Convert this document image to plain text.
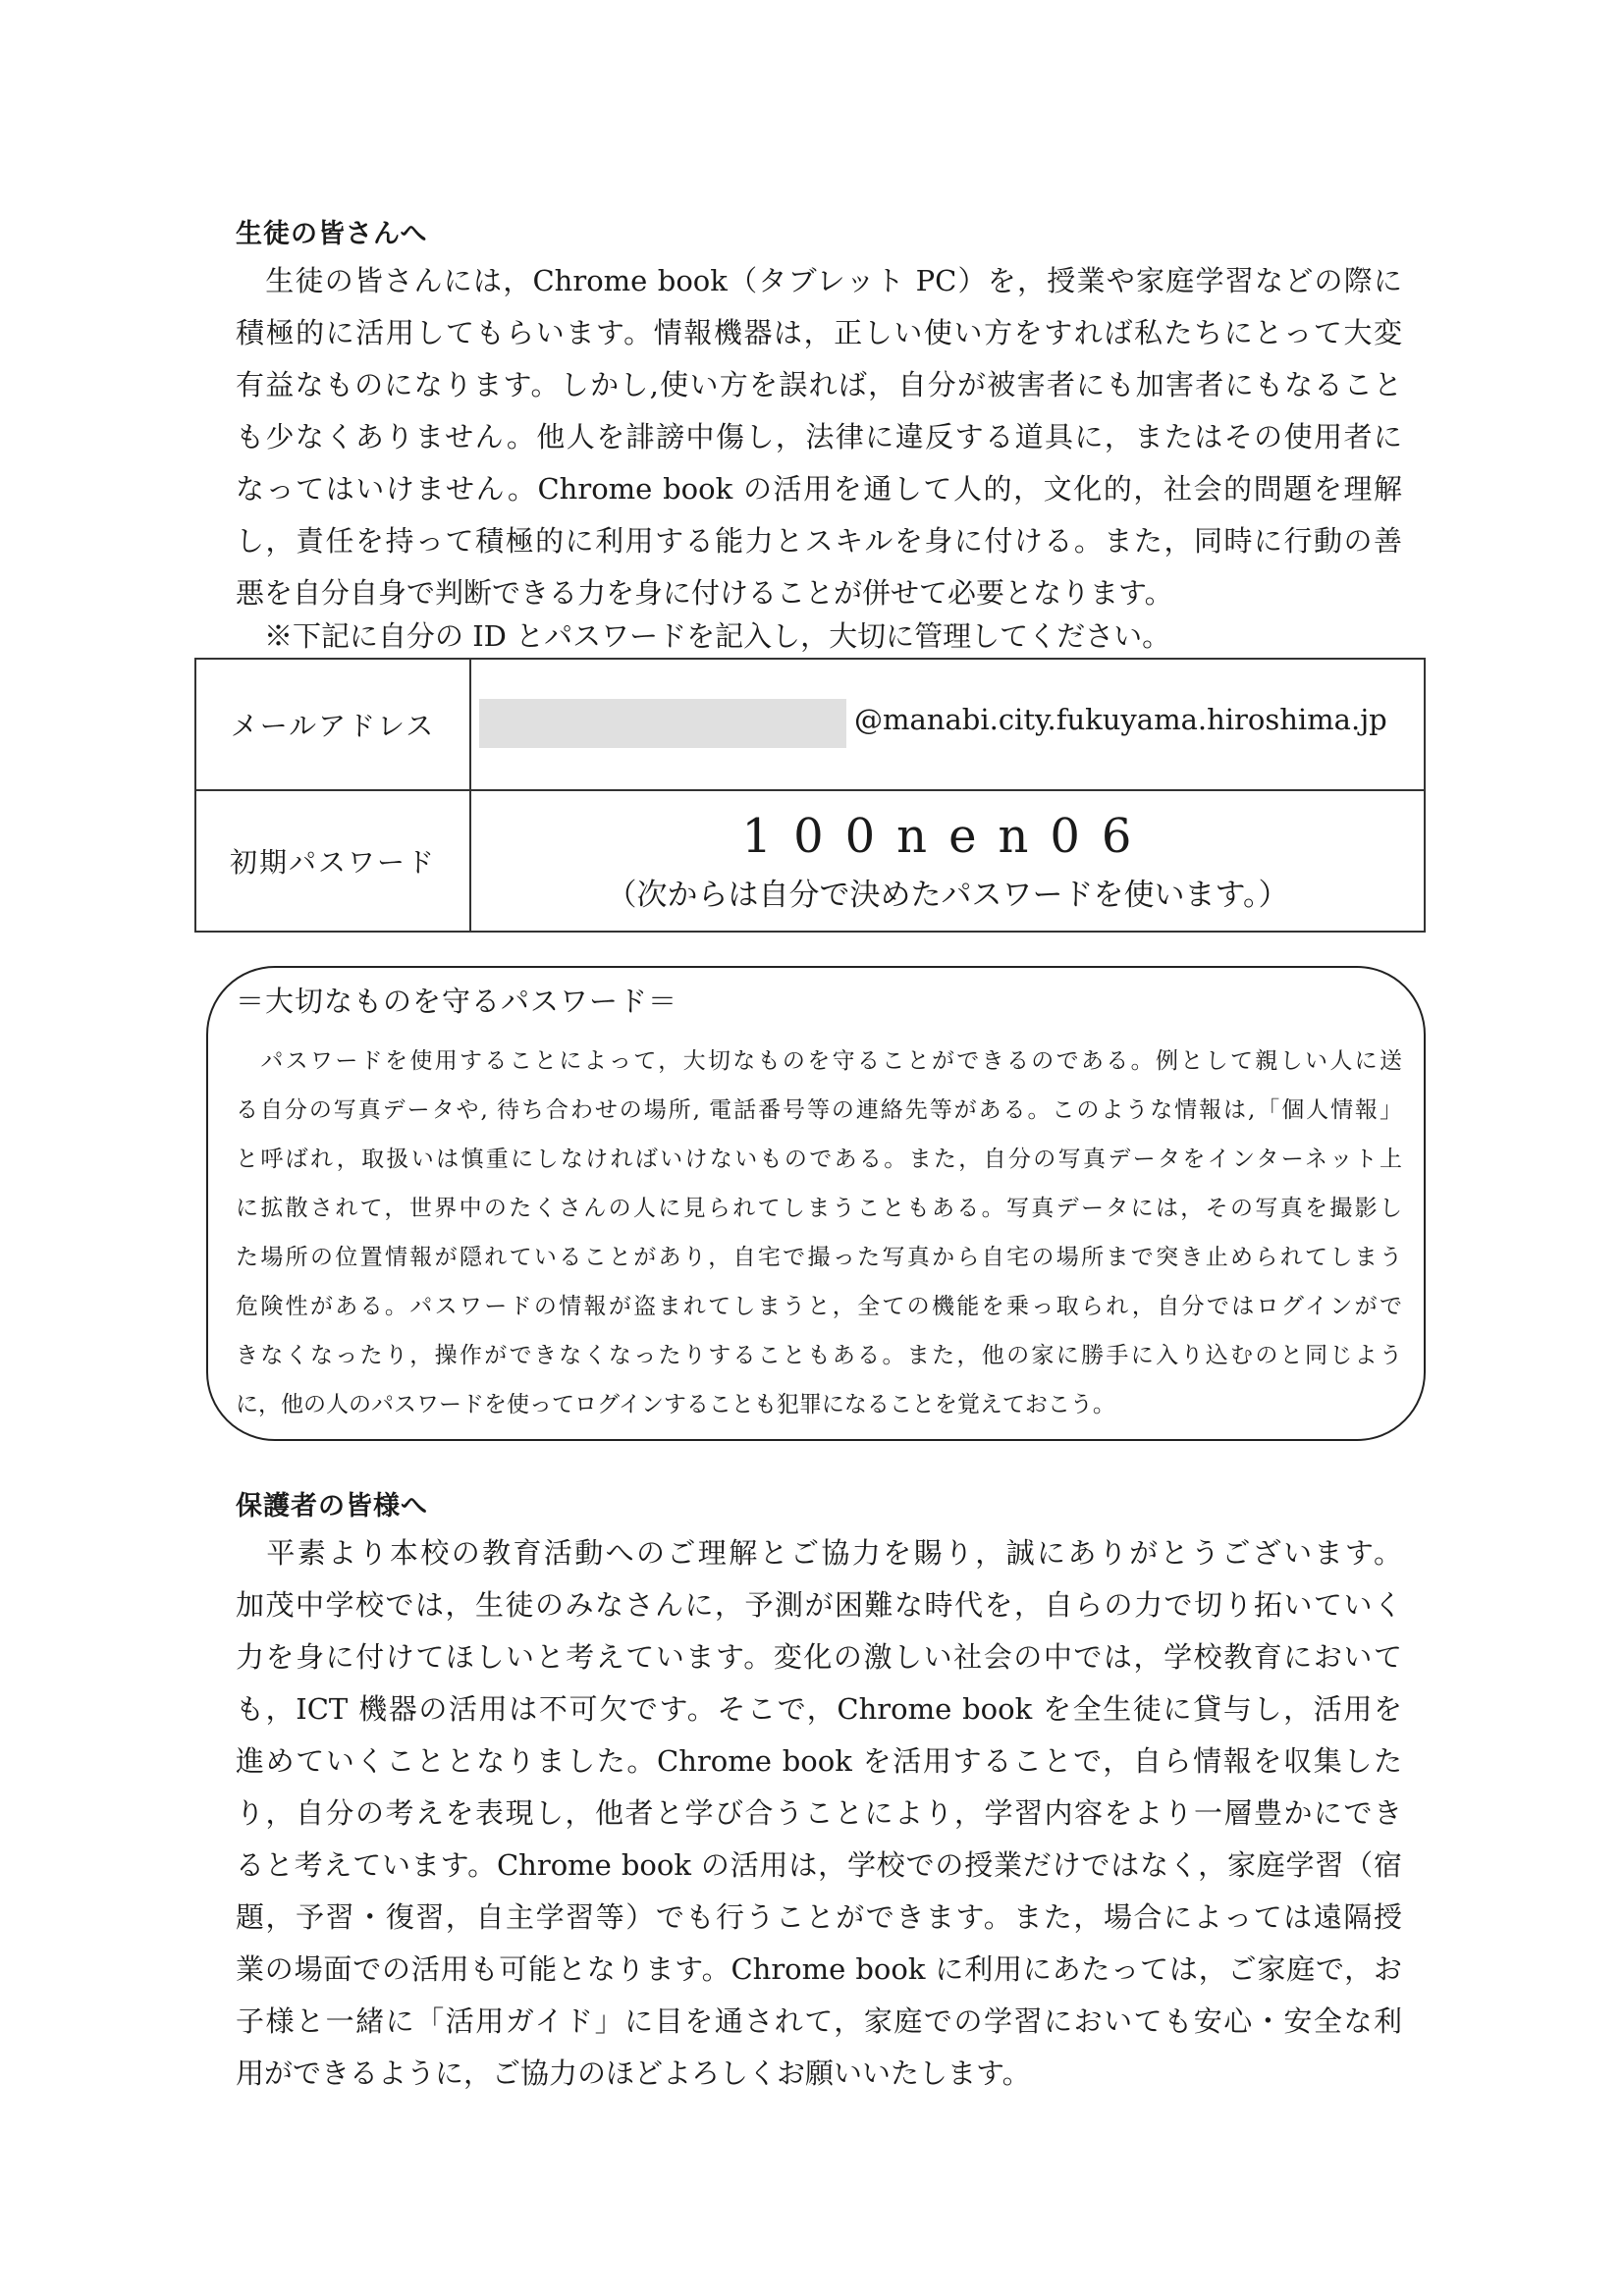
生徒の皆さんへ
　生徒の皆さんには，Chrome book（タブレット PC）を，授業や家庭学習などの際に
積極的に活用してもらいます。情報機器は，正しい使い方をすれば私たちにとって大変
有益なものになります。しかし,使い方を誤れば，自分が被害者にも加害者にもなること
も少なくありません。他人を誹謗中傷し，法律に違反する道具に，またはその使用者に
なってはいけません。Chrome book の活用を通して人的，文化的，社会的問題を理解
し，責任を持って積極的に利用する能力とスキルを身に付ける。また，同時に行動の善
悪を自分自身で判断できる力を身に付けることが併せて必要となります。
　※下記に自分の ID とパスワードを記入し，大切に管理してください。
メールアドレス	@manabi.city.fukuyama.hiroshima.jp

初期パスワード	100nen06
（次からは自分で決めたパスワードを使います。）
＝大切なものを守るパスワード＝
　パスワードを使用することによって，大切なものを守ることができるのである。例として親しい人に送
る自分の写真データや, 待ち合わせの場所, 電話番号等の連絡先等がある。このような情報は,「個人情報」
と呼ばれ，取扱いは慎重にしなければいけないものである。また，自分の写真データをインターネット上
に拡散されて，世界中のたくさんの人に見られてしまうこともある。写真データには，その写真を撮影し
た場所の位置情報が隠れていることがあり，自宅で撮った写真から自宅の場所まで突き止められてしまう
危険性がある。パスワードの情報が盗まれてしまうと，全ての機能を乗っ取られ，自分ではログインがで
きなくなったり，操作ができなくなったりすることもある。また，他の家に勝手に入り込むのと同じよう
に，他の人のパスワードを使ってログインすることも犯罪になることを覚えておこう。
保護者の皆様へ
　平素より本校の教育活動へのご理解とご協力を賜り，誠にありがとうございます。
加茂中学校では，生徒のみなさんに，予測が困難な時代を，自らの力で切り拓いていく
力を身に付けてほしいと考えています。変化の激しい社会の中では，学校教育において
も，ICT 機器の活用は不可欠です。そこで，Chrome book を全生徒に貸与し，活用を
進めていくこととなりました。Chrome book を活用することで，自ら情報を収集した
り，自分の考えを表現し，他者と学び合うことにより，学習内容をより一層豊かにでき
ると考えています。Chrome book の活用は，学校での授業だけではなく，家庭学習（宿
題，予習・復習，自主学習等）でも行うことができます。また，場合によっては遠隔授
業の場面での活用も可能となります。Chrome book に利用にあたっては，ご家庭で，お
子様と一緒に「活用ガイド」に目を通されて，家庭での学習においても安心・安全な利
用ができるように，ご協力のほどよろしくお願いいたします。
